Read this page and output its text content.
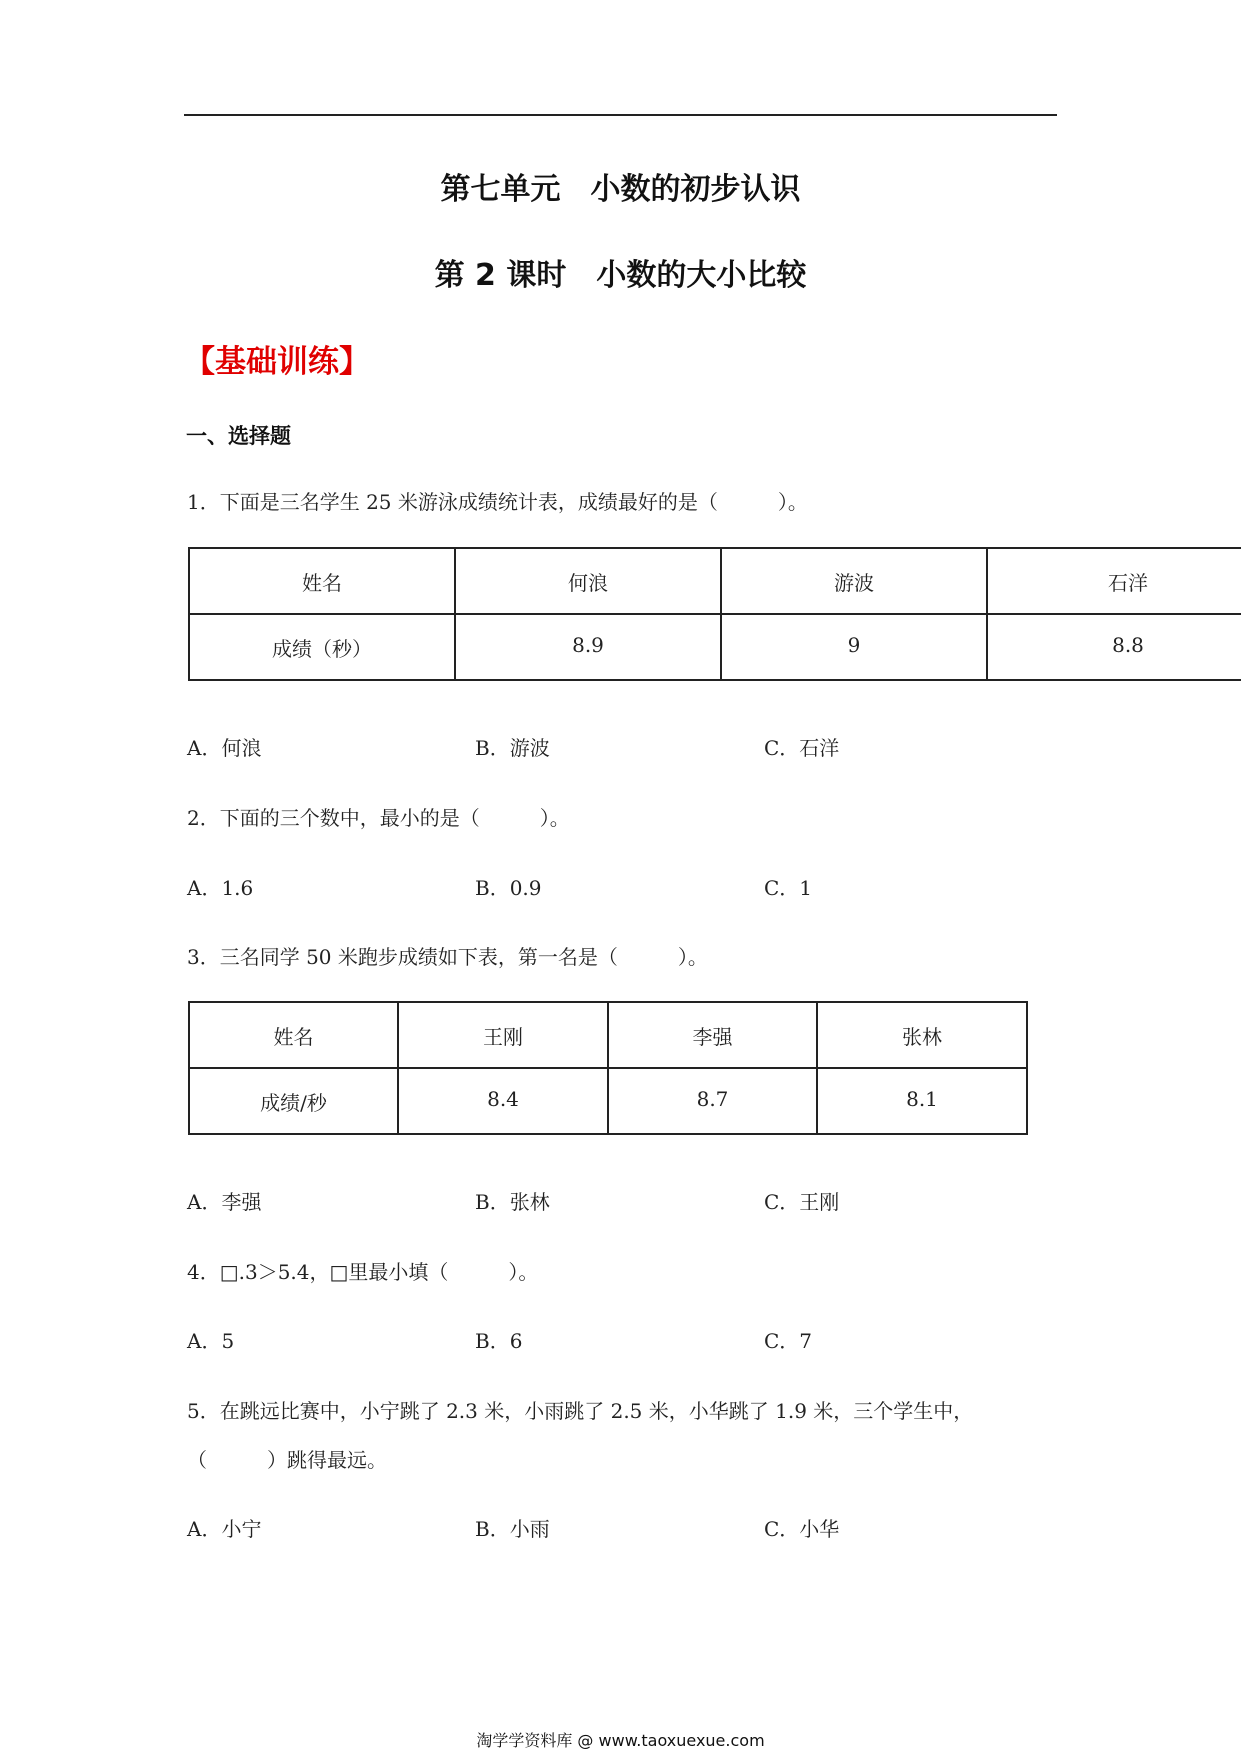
第七单元　小数的初步认识
第 2 课时　小数的大小比较
【基础训练】
一、选择题
1．下面是三名学生 25 米游泳成绩统计表，成绩最好的是（　　　）。
姓名	何浪	游波	石洋
成绩（秒）	8.9	9	8.8
A．何浪	B．游波	C．石洋
2．下面的三个数中，最小的是（　　　）。
A．1.6	B．0.9	C．1
3．三名同学 50 米跑步成绩如下表，第一名是（　　　）。
姓名	王刚	李强	张林
成绩/秒	8.4	8.7	8.1
A．李强	B．张林	C．王刚
4．□.3＞5.4，□里最小填（　　　）。
A．5	B．6	C．7
5．在跳远比赛中，小宁跳了 2.3 米，小雨跳了 2.5 米，小华跳了 1.9 米，三个学生中，
（　　　）跳得最远。
A．小宁	B．小雨	C．小华
淘学学资料库 @ www.taoxuexue.com
